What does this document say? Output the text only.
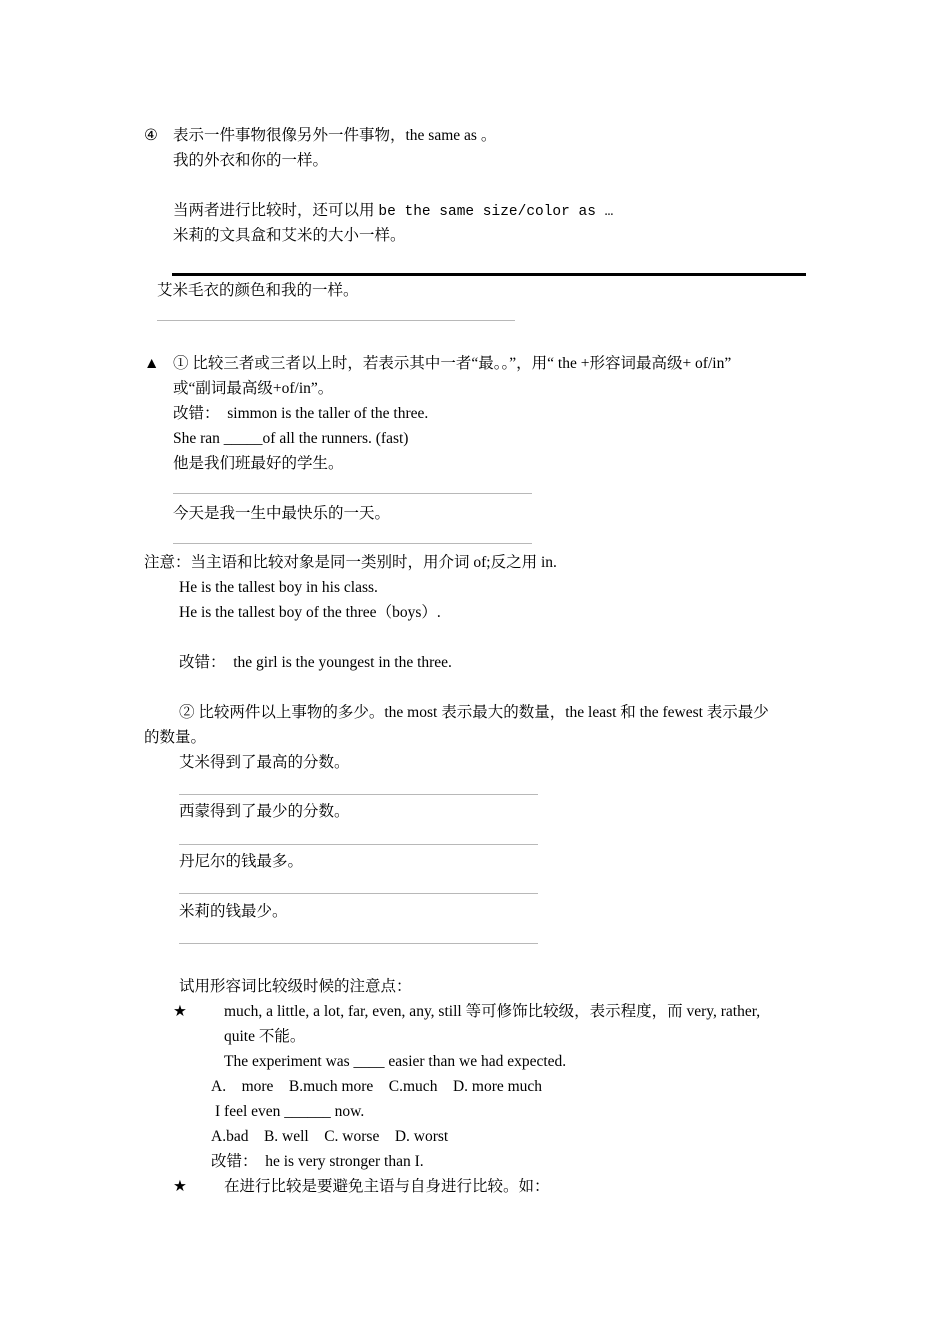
④ 表示一件事物很像另外一件事物，the same as 。
我的外衣和你的一样。
当两者进行比较时，还可以用 be the same size/color as …
米莉的文具盒和艾米的大小一样。
艾米毛衣的颜色和我的一样。
▲ ① 比较三者或三者以上时，若表示其中一者“最。。”，用“ the +形容词最高级+ of/in”
或“副词最高级+of/in”。
改错：　simmon is the taller of the three.
She ran _____of all the runners. (fast)
他是我们班最好的学生。
今天是我一生中最快乐的一天。
注意：当主语和比较对象是同一类别时，用介词 of;反之用 in.
He is the tallest boy in his class.
He is the tallest boy of the three（boys）.
改错：　the girl is the youngest in the three.
② 比较两件以上事物的多少。the most 表示最大的数量，the least 和 the fewest 表示最少
的数量。
艾米得到了最高的分数。
西蒙得到了最少的分数。
丹尼尔的钱最多。
米莉的钱最少。
试用形容词比较级时候的注意点：
★ much, a little, a lot, far, even, any, still 等可修饰比较级，表示程度，而 very, rather,
quite 不能。
The experiment was ____ easier than we had expected.
A.　more　B.much more　C.much　D. more much
I feel even ______ now.
A.bad　B. well　C. worse　D. worst
改错：　he is very stronger than I.
★ 在进行比较是要避免主语与自身进行比较。如：
